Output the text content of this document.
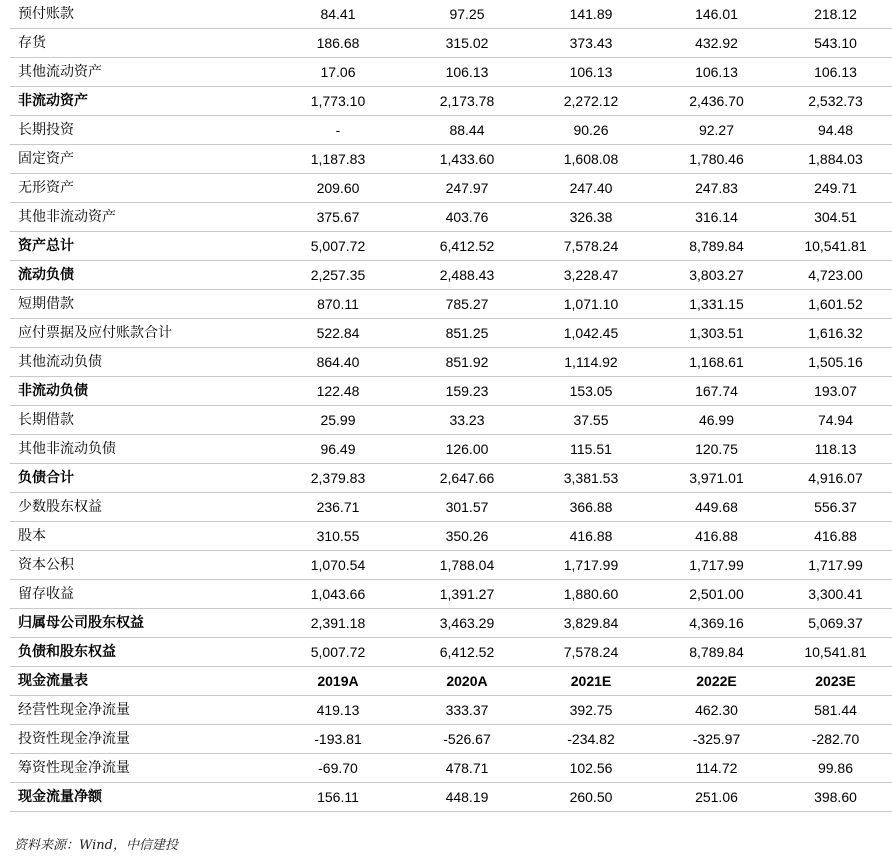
预付账款	84.41	97.25	141.89	146.01	218.12
存货	186.68	315.02	373.43	432.92	543.10
其他流动资产	17.06	106.13	106.13	106.13	106.13
非流动资产	1,773.10	2,173.78	2,272.12	2,436.70	2,532.73
长期投资	-	88.44	90.26	92.27	94.48
固定资产	1,187.83	1,433.60	1,608.08	1,780.46	1,884.03
无形资产	209.60	247.97	247.40	247.83	249.71
其他非流动资产	375.67	403.76	326.38	316.14	304.51
资产总计	5,007.72	6,412.52	7,578.24	8,789.84	10,541.81
流动负债	2,257.35	2,488.43	3,228.47	3,803.27	4,723.00
短期借款	870.11	785.27	1,071.10	1,331.15	1,601.52
应付票据及应付账款合计	522.84	851.25	1,042.45	1,303.51	1,616.32
其他流动负债	864.40	851.92	1,114.92	1,168.61	1,505.16
非流动负债	122.48	159.23	153.05	167.74	193.07
长期借款	25.99	33.23	37.55	46.99	74.94
其他非流动负债	96.49	126.00	115.51	120.75	118.13
负债合计	2,379.83	2,647.66	3,381.53	3,971.01	4,916.07
少数股东权益	236.71	301.57	366.88	449.68	556.37
股本	310.55	350.26	416.88	416.88	416.88
资本公积	1,070.54	1,788.04	1,717.99	1,717.99	1,717.99
留存收益	1,043.66	1,391.27	1,880.60	2,501.00	3,300.41
归属母公司股东权益	2,391.18	3,463.29	3,829.84	4,369.16	5,069.37
负债和股东权益	5,007.72	6,412.52	7,578.24	8,789.84	10,541.81
现金流量表	2019A	2020A	2021E	2022E	2023E
经营性现金净流量	419.13	333.37	392.75	462.30	581.44
投资性现金净流量	-193.81	-526.67	-234.82	-325.97	-282.70
筹资性现金净流量	-69.70	478.71	102.56	114.72	99.86
现金流量净额	156.11	448.19	260.50	251.06	398.60
资料来源：Wind，中信建投
